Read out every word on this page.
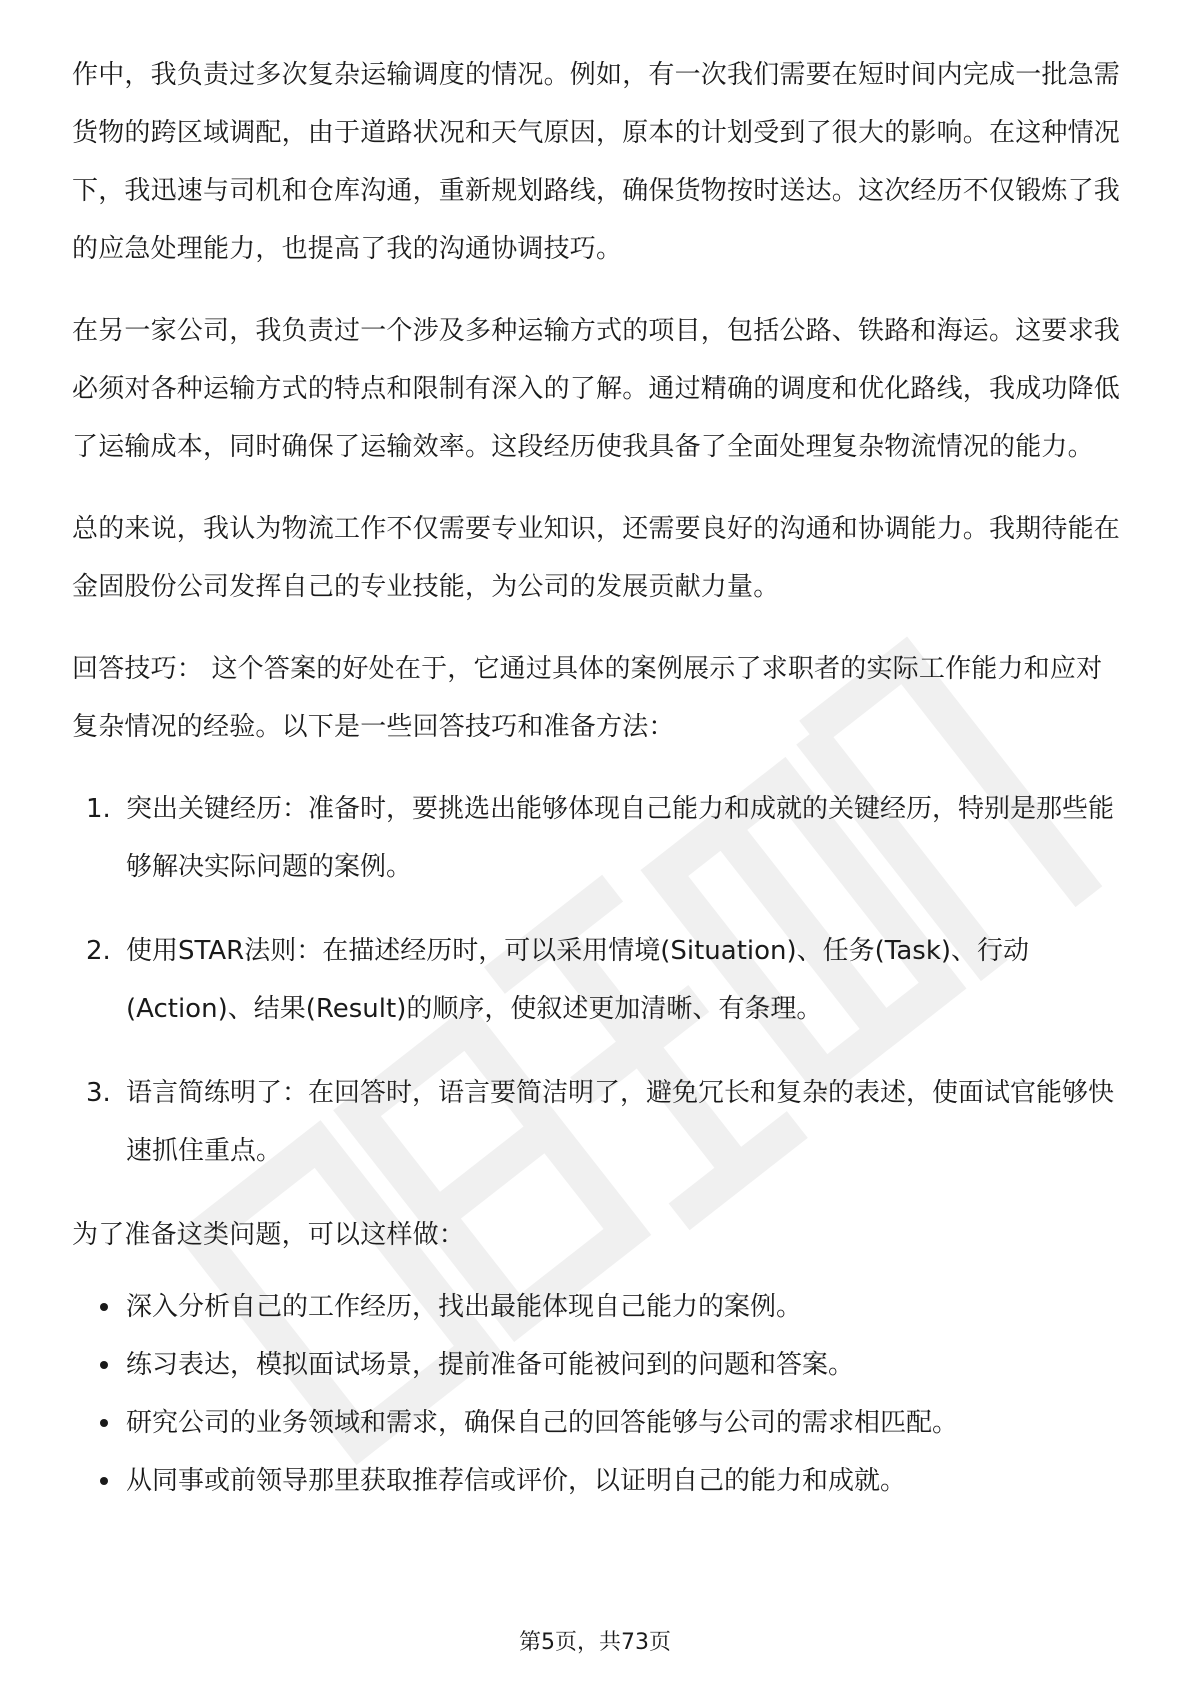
作中，我负责过多次复杂运输调度的情况。例如，有一次我们需要在短时间内完成一批急需货物的跨区域调配，由于道路状况和天气原因，原本的计划受到了很大的影响。在这种情况下，我迅速与司机和仓库沟通，重新规划路线，确保货物按时送达。这次经历不仅锻炼了我的应急处理能力，也提高了我的沟通协调技巧。

在另一家公司，我负责过一个涉及多种运输方式的项目，包括公路、铁路和海运。这要求我必须对各种运输方式的特点和限制有深入的了解。通过精确的调度和优化路线，我成功降低了运输成本，同时确保了运输效率。这段经历使我具备了全面处理复杂物流情况的能力。

总的来说，我认为物流工作不仅需要专业知识，还需要良好的沟通和协调能力。我期待能在金固股份公司发挥自己的专业技能，为公司的发展贡献力量。

回答技巧： 这个答案的好处在于，它通过具体的案例展示了求职者的实际工作能力和应对复杂情况的经验。以下是一些回答技巧和准备方法：

1. 突出关键经历：准备时，要挑选出能够体现自己能力和成就的关键经历，特别是那些能够解决实际问题的案例。
2. 使用STAR法则：在描述经历时，可以采用情境(Situation)、任务(Task)、行动(Action)、结果(Result)的顺序，使叙述更加清晰、有条理。
3. 语言简练明了：在回答时，语言要简洁明了，避免冗长和复杂的表述，使面试官能够快速抓住重点。

为了准备这类问题，可以这样做：

深入分析自己的工作经历，找出最能体现自己能力的案例。
练习表达，模拟面试场景，提前准备可能被问到的问题和答案。
研究公司的业务领域和需求，确保自己的回答能够与公司的需求相匹配。
从同事或前领导那里获取推荐信或评价，以证明自己的能力和成就。
第5页，共73页
